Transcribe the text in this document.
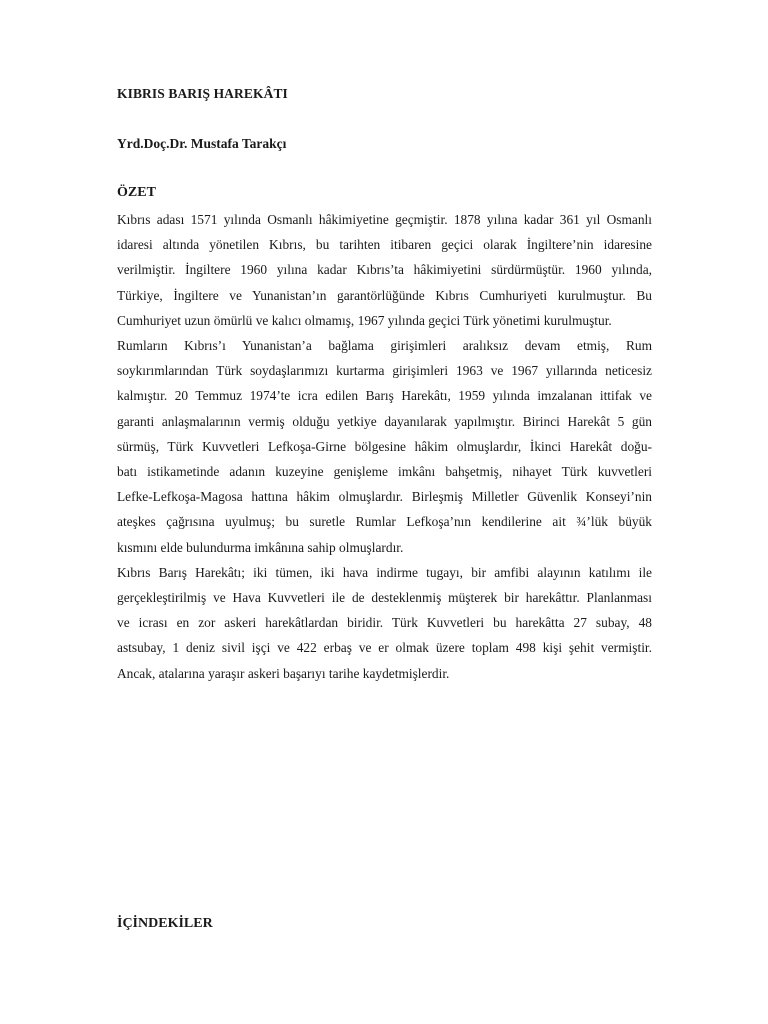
KIBRIS BARIŞ HAREKÂTI
Yrd.Doç.Dr. Mustafa Tarakçı
ÖZET

Kıbrıs adası 1571 yılında Osmanlı hâkimiyetine geçmiştir. 1878 yılına kadar 361 yıl Osmanlı
idaresi altında yönetilen Kıbrıs, bu tarihten itibaren geçici olarak İngiltere’nin idaresine
verilmiştir. İngiltere 1960 yılına kadar Kıbrıs’ta hâkimiyetini sürdürmüştür. 1960 yılında,
Türkiye, İngiltere ve Yunanistan’ın garantörlüğünde Kıbrıs Cumhuriyeti kurulmuştur. Bu
Cumhuriyet uzun ömürlü ve kalıcı olmamış, 1967 yılında geçici Türk yönetimi kurulmuştur.

Rumların Kıbrıs’ı Yunanistan’a bağlama girişimleri aralıksız devam etmiş, Rum
soykırımlarından Türk soydaşlarımızı kurtarma girişimleri 1963 ve 1967 yıllarında neticesiz
kalmıştır. 20 Temmuz 1974’te icra edilen Barış Harekâtı, 1959 yılında imzalanan ittifak ve
garanti anlaşmalarının vermiş olduğu yetkiye dayanılarak yapılmıştır. Birinci Harekât 5 gün
sürmüş, Türk Kuvvetleri Lefkoşa-Girne bölgesine hâkim olmuşlardır, İkinci Harekât doğu-
batı istikametinde adanın kuzeyine genişleme imkânı bahşetmiş, nihayet Türk kuvvetleri
Lefke-Lefkoşa-Magosa hattına hâkim olmuşlardır. Birleşmiş Milletler Güvenlik Konseyi’nin
ateşkes çağrısına uyulmuş; bu suretle Rumlar Lefkoşa’nın kendilerine ait ¾’lük büyük
kısmını elde bulundurma imkânına sahip olmuşlardır.

Kıbrıs Barış Harekâtı; iki tümen, iki hava indirme tugayı, bir amfibi alayının katılımı ile
gerçekleştirilmiş ve Hava Kuvvetleri ile de desteklenmiş müşterek bir harekâttır. Planlanması
ve icrası en zor askeri harekâtlardan biridir. Türk Kuvvetleri bu harekâtta 27 subay, 48
astsubay, 1 deniz sivil işçi ve 422 erbaş ve er olmak üzere toplam 498 kişi şehit vermiştir.
Ancak, atalarına yaraşır askeri başarıyı tarihe kaydetmişlerdir.

İÇİNDEKİLER
